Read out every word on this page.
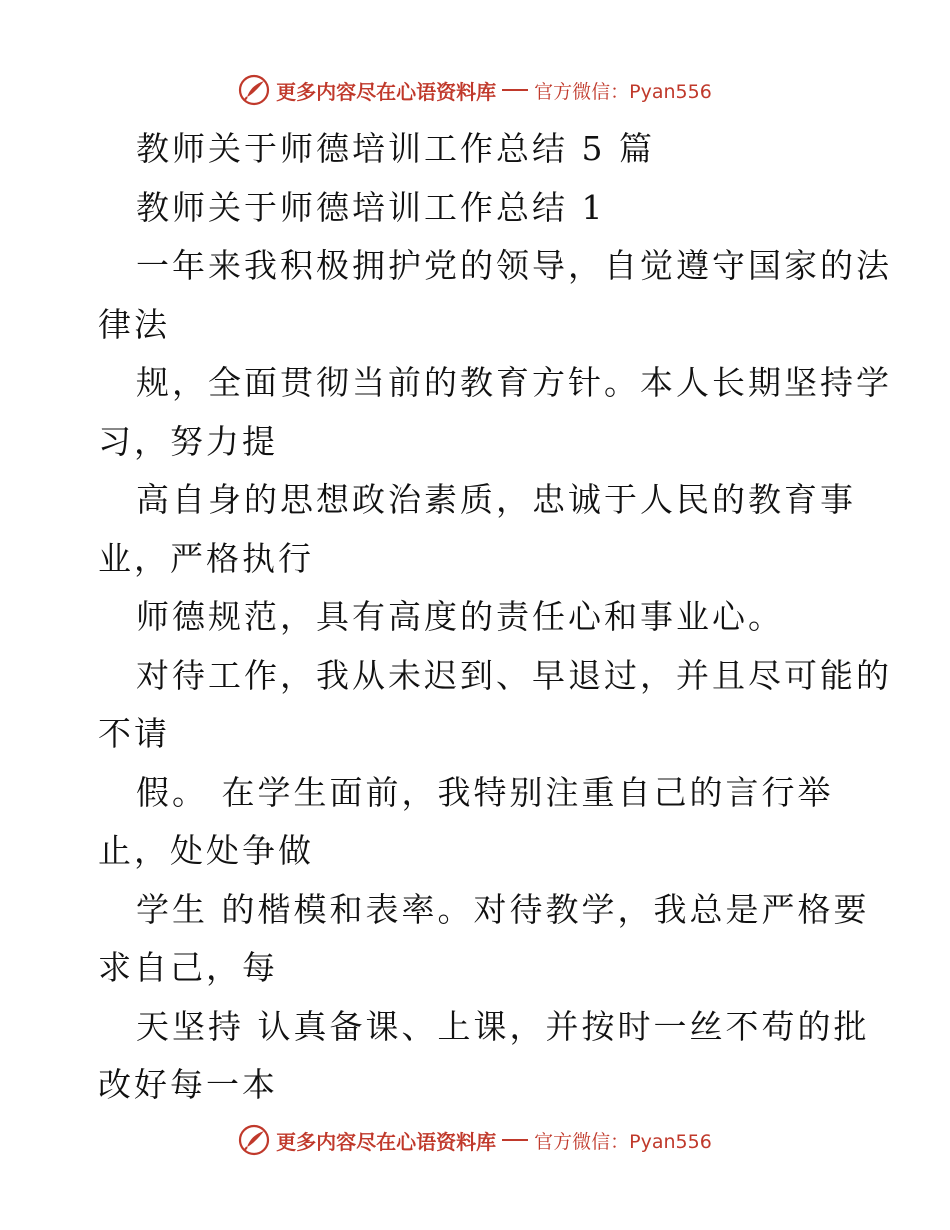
更多内容尽在心语资料库 官方微信：Pyan556
教师关于师德培训工作总结 5 篇
教师关于师德培训工作总结 1
一年来我积极拥护党的领导，自觉遵守国家的法
律法
规，全面贯彻当前的教育方针。本人长期坚持学
习，努力提
高自身的思想政治素质，忠诚于人民的教育事
业，严格执行
师德规范，具有高度的责任心和事业心。
对待工作，我从未迟到、早退过，并且尽可能的
不请
假。 在学生面前，我特别注重自己的言行举
止，处处争做
学生 的楷模和表率。对待教学，我总是严格要
求自己，每
天坚持 认真备课、上课，并按时一丝不苟的批
改好每一本
更多内容尽在心语资料库 官方微信：Pyan556
